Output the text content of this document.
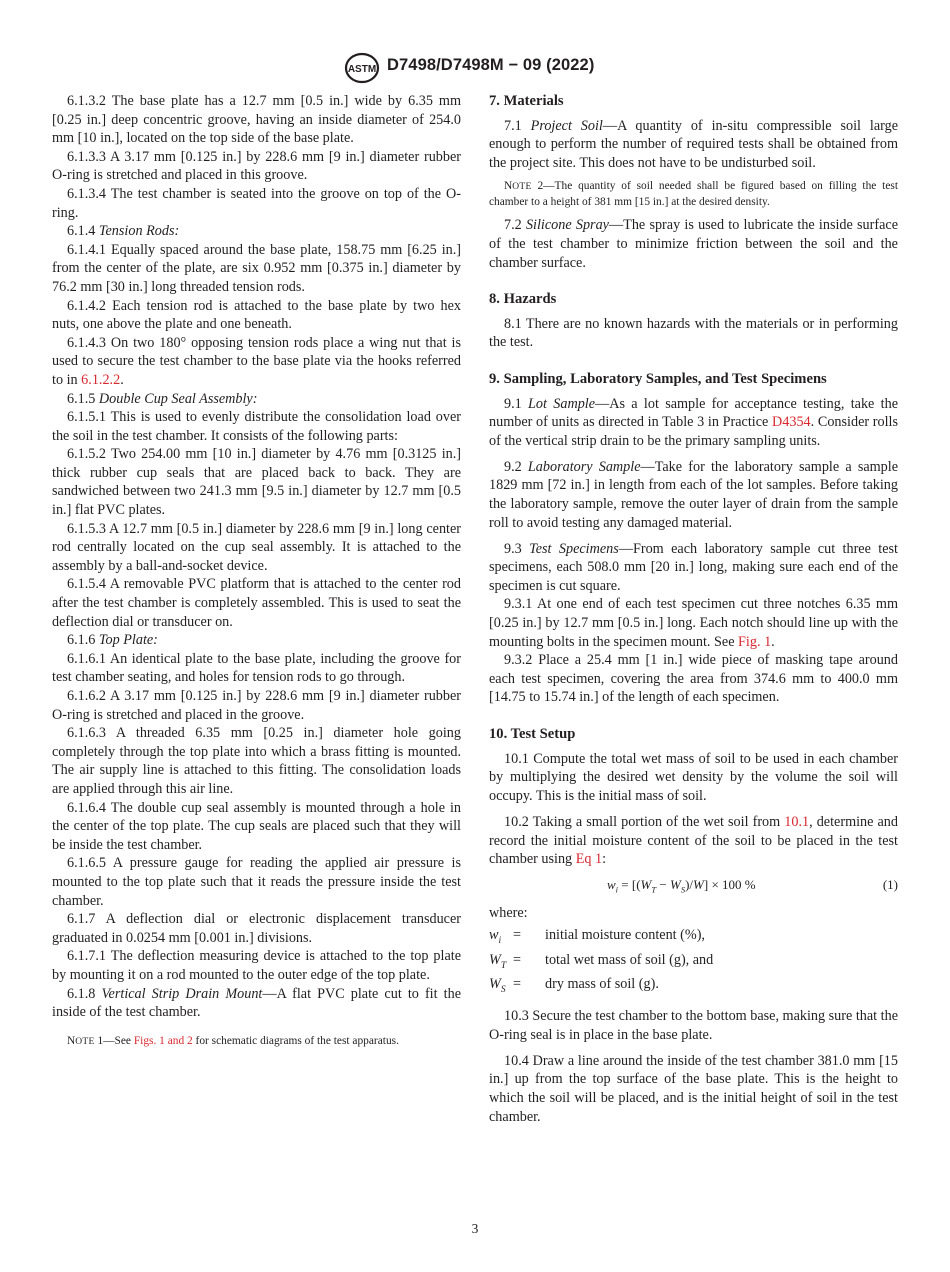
ASTM D7498/D7498M − 09 (2022)

6.1.3.2 The base plate has a 12.7 mm [0.5 in.] wide by 6.35 mm [0.25 in.] deep concentric groove, having an inside diameter of 254.0 mm [10 in.], located on the top side of the base plate.

6.1.3.3 A 3.17 mm [0.125 in.] by 228.6 mm [9 in.] diameter rubber O-ring is stretched and placed in this groove.

6.1.3.4 The test chamber is seated into the groove on top of the O-ring.

6.1.4 Tension Rods:

6.1.4.1 Equally spaced around the base plate, 158.75 mm [6.25 in.] from the center of the plate, are six 0.952 mm [0.375 in.] diameter by 76.2 mm [30 in.] long threaded tension rods.

6.1.4.2 Each tension rod is attached to the base plate by two hex nuts, one above the plate and one beneath.

6.1.4.3 On two 180° opposing tension rods place a wing nut that is used to secure the test chamber to the base plate via the hooks referred to in 6.1.2.2.

6.1.5 Double Cup Seal Assembly:

6.1.5.1 This is used to evenly distribute the consolidation load over the soil in the test chamber. It consists of the following parts:

6.1.5.2 Two 254.00 mm [10 in.] diameter by 4.76 mm [0.3125 in.] thick rubber cup seals that are placed back to back. They are sandwiched between two 241.3 mm [9.5 in.] diameter by 12.7 mm [0.5 in.] flat PVC plates.

6.1.5.3 A 12.7 mm [0.5 in.] diameter by 228.6 mm [9 in.] long center rod centrally located on the cup seal assembly. It is attached to the assembly by a ball-and-socket device.

6.1.5.4 A removable PVC platform that is attached to the center rod after the test chamber is completely assembled. This is used to seat the deflection dial or transducer on.

6.1.6 Top Plate:

6.1.6.1 An identical plate to the base plate, including the groove for test chamber seating, and holes for tension rods to go through.

6.1.6.2 A 3.17 mm [0.125 in.] by 228.6 mm [9 in.] diameter rubber O-ring is stretched and placed in the groove.

6.1.6.3 A threaded 6.35 mm [0.25 in.] diameter hole going completely through the top plate into which a brass fitting is mounted. The air supply line is attached to this fitting. The consolidation loads are applied through this air line.

6.1.6.4 The double cup seal assembly is mounted through a hole in the center of the top plate. The cup seals are placed such that they will be inside the test chamber.

6.1.6.5 A pressure gauge for reading the applied air pressure is mounted to the top plate such that it reads the pressure inside the test chamber.

6.1.7 A deflection dial or electronic displacement transducer graduated in 0.0254 mm [0.001 in.] divisions.

6.1.7.1 The deflection measuring device is attached to the top plate by mounting it on a rod mounted to the outer edge of the top plate.

6.1.8 Vertical Strip Drain Mount—A flat PVC plate cut to fit the inside of the test chamber.

NOTE 1—See Figs. 1 and 2 for schematic diagrams of the test apparatus.

7. Materials

7.1 Project Soil—A quantity of in-situ compressible soil large enough to perform the number of required tests shall be obtained from the project site. This does not have to be undisturbed soil.

NOTE 2—The quantity of soil needed shall be figured based on filling the test chamber to a height of 381 mm [15 in.] at the desired density.

7.2 Silicone Spray—The spray is used to lubricate the inside surface of the test chamber to minimize friction between the soil and the chamber surface.

8. Hazards

8.1 There are no known hazards with the materials or in performing the test.

9. Sampling, Laboratory Samples, and Test Specimens

9.1 Lot Sample—As a lot sample for acceptance testing, take the number of units as directed in Table 3 in Practice D4354. Consider rolls of the vertical strip drain to be the primary sampling units.

9.2 Laboratory Sample—Take for the laboratory sample a sample 1829 mm [72 in.] in length from each of the lot samples. Before taking the laboratory sample, remove the outer layer of drain from the sample roll to avoid testing any damaged material.

9.3 Test Specimens—From each laboratory sample cut three test specimens, each 508.0 mm [20 in.] long, making sure each end of the specimen is cut square.

9.3.1 At one end of each test specimen cut three notches 6.35 mm [0.25 in.] by 12.7 mm [0.5 in.] long. Each notch should line up with the mounting bolts in the specimen mount. See Fig. 1.

9.3.2 Place a 25.4 mm [1 in.] wide piece of masking tape around each test specimen, covering the area from 374.6 mm to 400.0 mm [14.75 to 15.74 in.] of the length of each specimen.

10. Test Setup

10.1 Compute the total wet mass of soil to be used in each chamber by multiplying the desired wet density by the volume the soil will occupy. This is the initial mass of soil.

10.2 Taking a small portion of the wet soil from 10.1, determine and record the initial moisture content of the soil to be placed in the test chamber using Eq 1:

$w_i = [(W_T - W_S)/W] \times 100$ %	(1)

where:

$w_i$ =	initial moisture content (%),
$W_T$ =	total wet mass of soil (g), and
$W_S$ =	dry mass of soil (g).

10.3 Secure the test chamber to the bottom base, making sure that the O-ring seal is in place in the base plate.

10.4 Draw a line around the inside of the test chamber 381.0 mm [15 in.] up from the top surface of the base plate. This is the height to which the soil will be placed, and is the initial height of soil in the test chamber.

3
